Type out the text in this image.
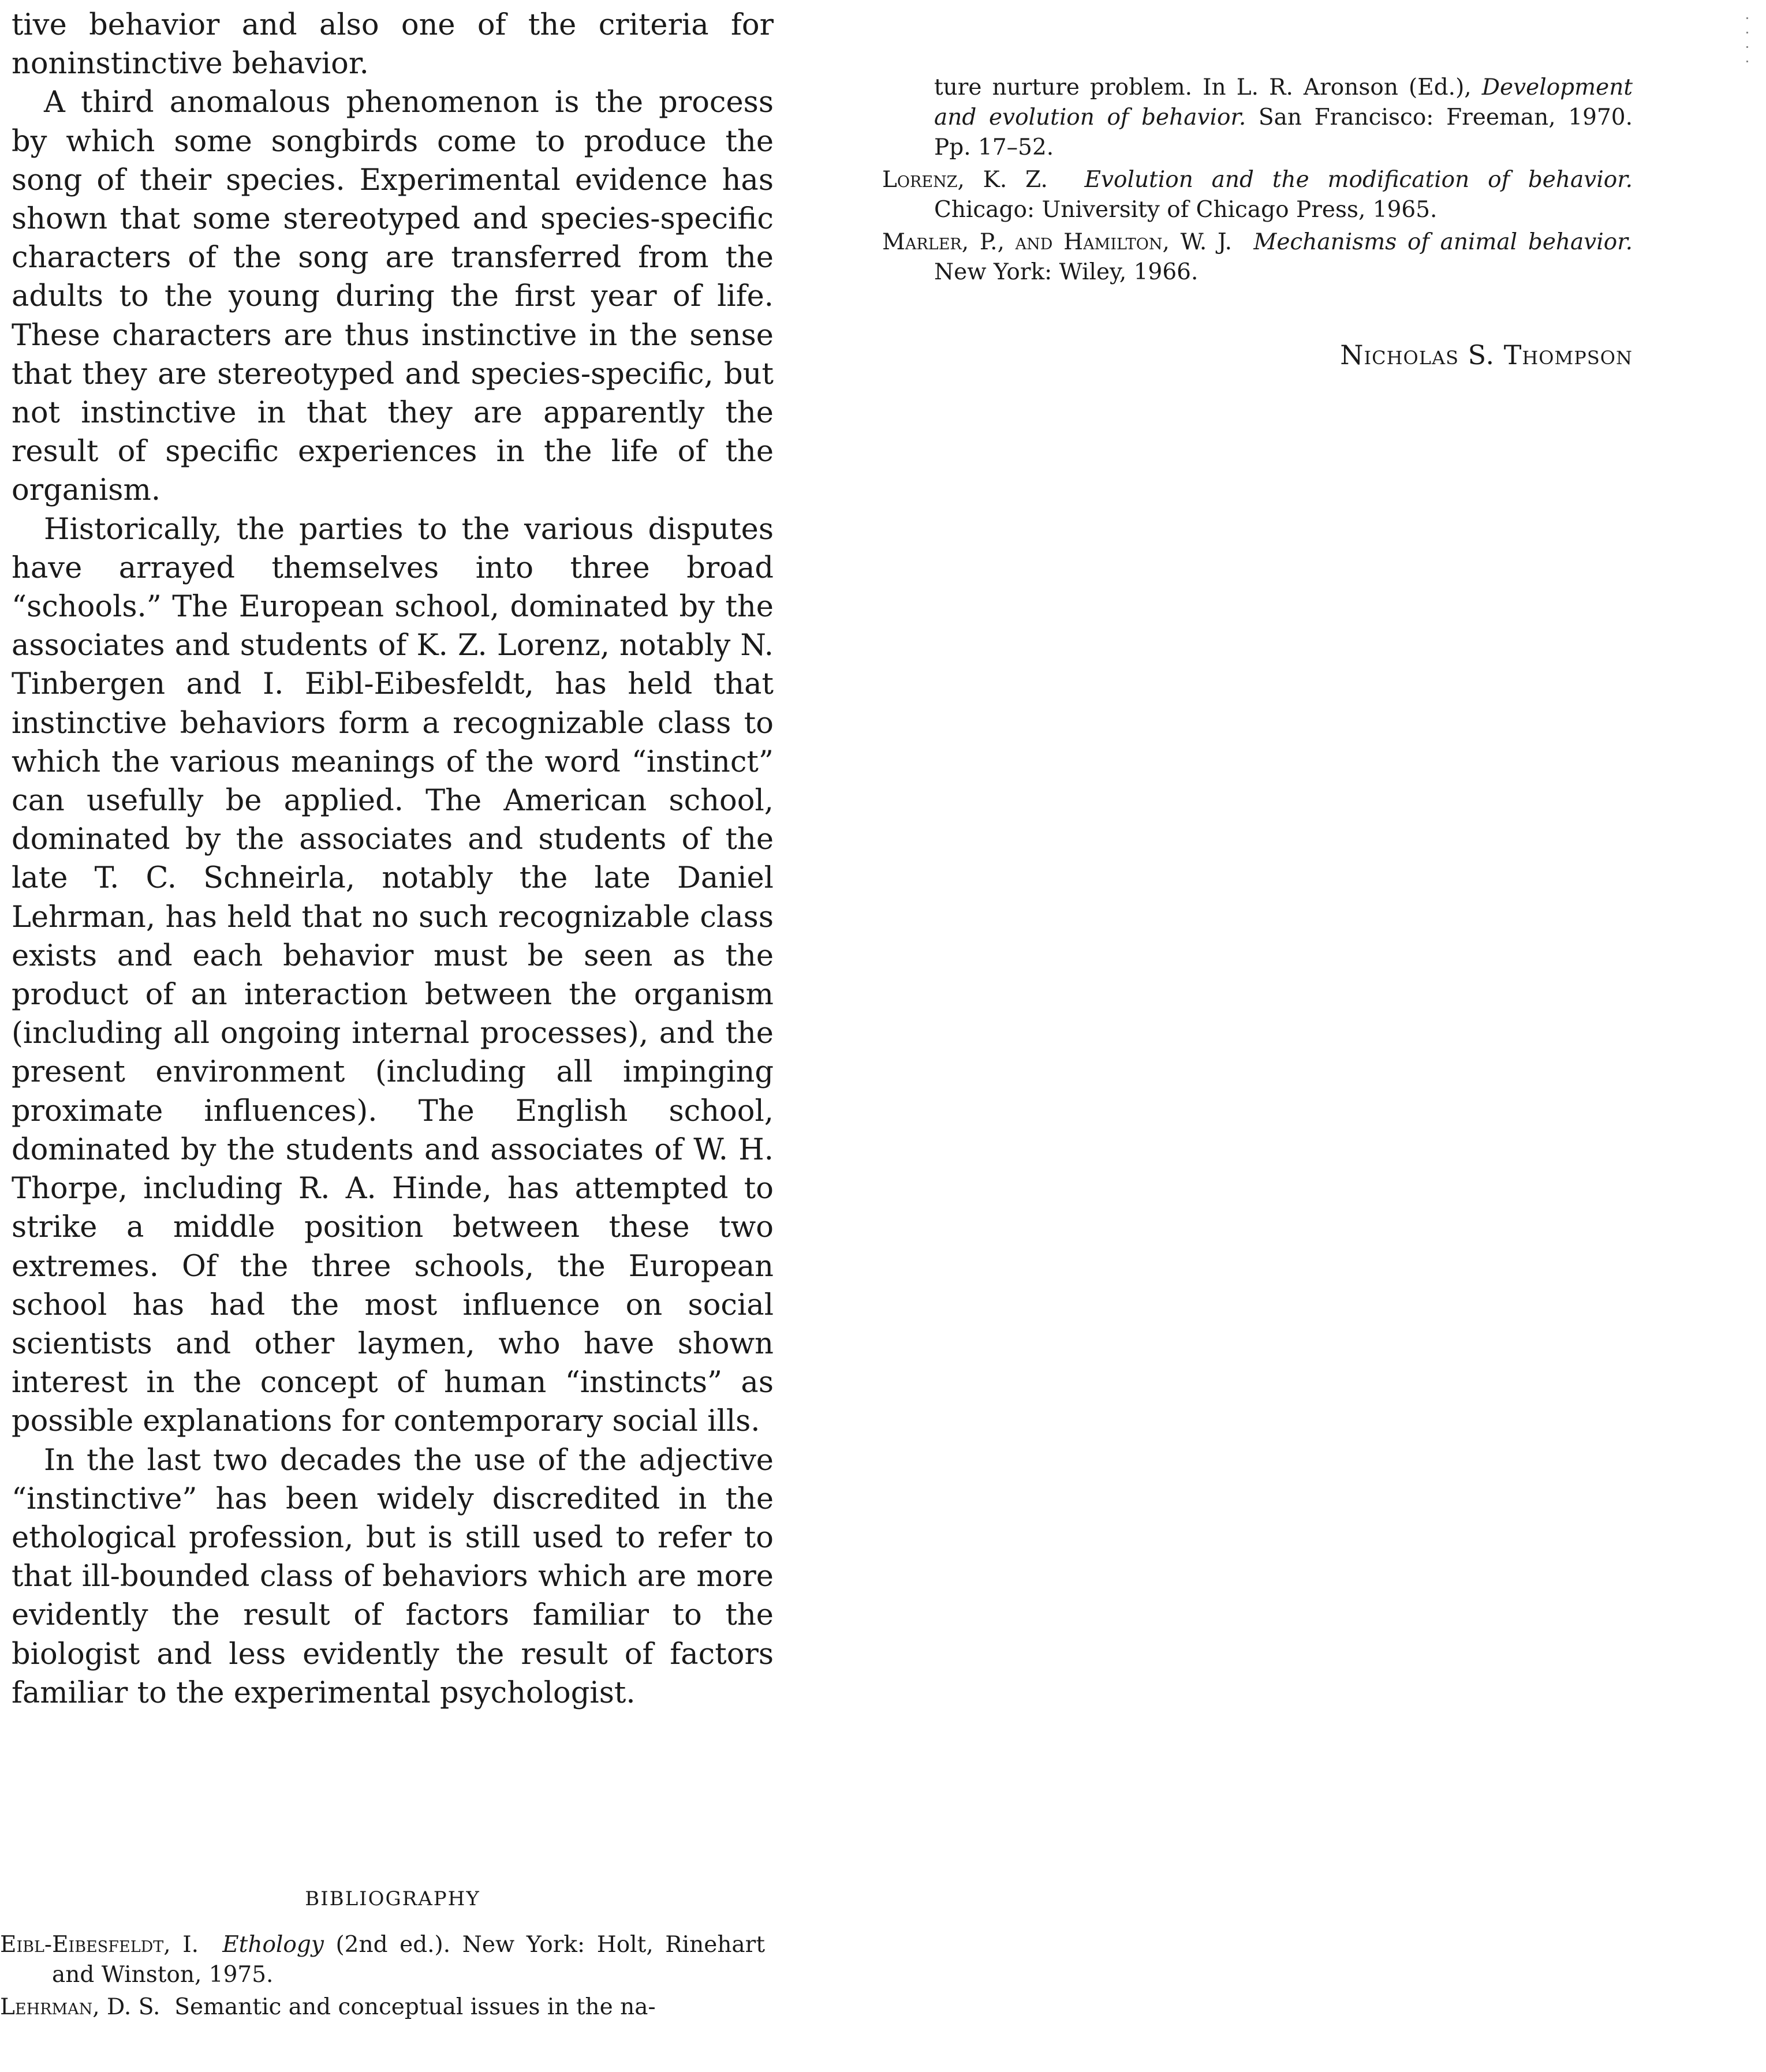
tive behavior and also one of the criteria for noninstinctive behavior.

A third anomalous phenomenon is the process by which some songbirds come to produce the song of their species. Experimental evidence has shown that some stereotyped and species-specific characters of the song are transferred from the adults to the young during the first year of life. These characters are thus instinctive in the sense that they are stereotyped and species-specific, but not instinctive in that they are apparently the result of specific experiences in the life of the organism.

Historically, the parties to the various disputes have arrayed themselves into three broad “schools.” The European school, dominated by the associates and students of K. Z. Lorenz, notably N. Tinbergen and I. Eibl-Eibesfeldt, has held that instinctive behaviors form a recognizable class to which the various meanings of the word “instinct” can usefully be applied. The American school, dominated by the associates and students of the late T. C. Schneirla, notably the late Daniel Lehrman, has held that no such recognizable class exists and each behavior must be seen as the product of an interaction between the organism (including all ongoing internal processes), and the present environment (including all impinging proximate influences). The English school, dominated by the students and associates of W. H. Thorpe, including R. A. Hinde, has attempted to strike a middle position between these two extremes. Of the three schools, the European school has had the most influence on social scientists and other laymen, who have shown interest in the concept of human “instincts” as possible explanations for contemporary social ills.

In the last two decades the use of the adjective “instinctive” has been widely discredited in the ethological profession, but is still used to refer to that ill-bounded class of behaviors which are more evidently the result of factors familiar to the biologist and less evidently the result of factors familiar to the experimental psychologist.

BIBLIOGRAPHY

Eibl-Eibesfeldt, I. Ethology (2nd ed.). New York: Holt, Rinehart and Winston, 1975.

Lehrman, D. S. Semantic and conceptual issues in the na-

ture nurture problem. In L. R. Aronson (Ed.), Development and evolution of behavior. San Francisco: Freeman, 1970. Pp. 17–52.

Lorenz, K. Z. Evolution and the modification of behavior. Chicago: University of Chicago Press, 1965.

Marler, P., and Hamilton, W. J. Mechanisms of animal behavior. New York: Wiley, 1966.

Nicholas S. Thompson
